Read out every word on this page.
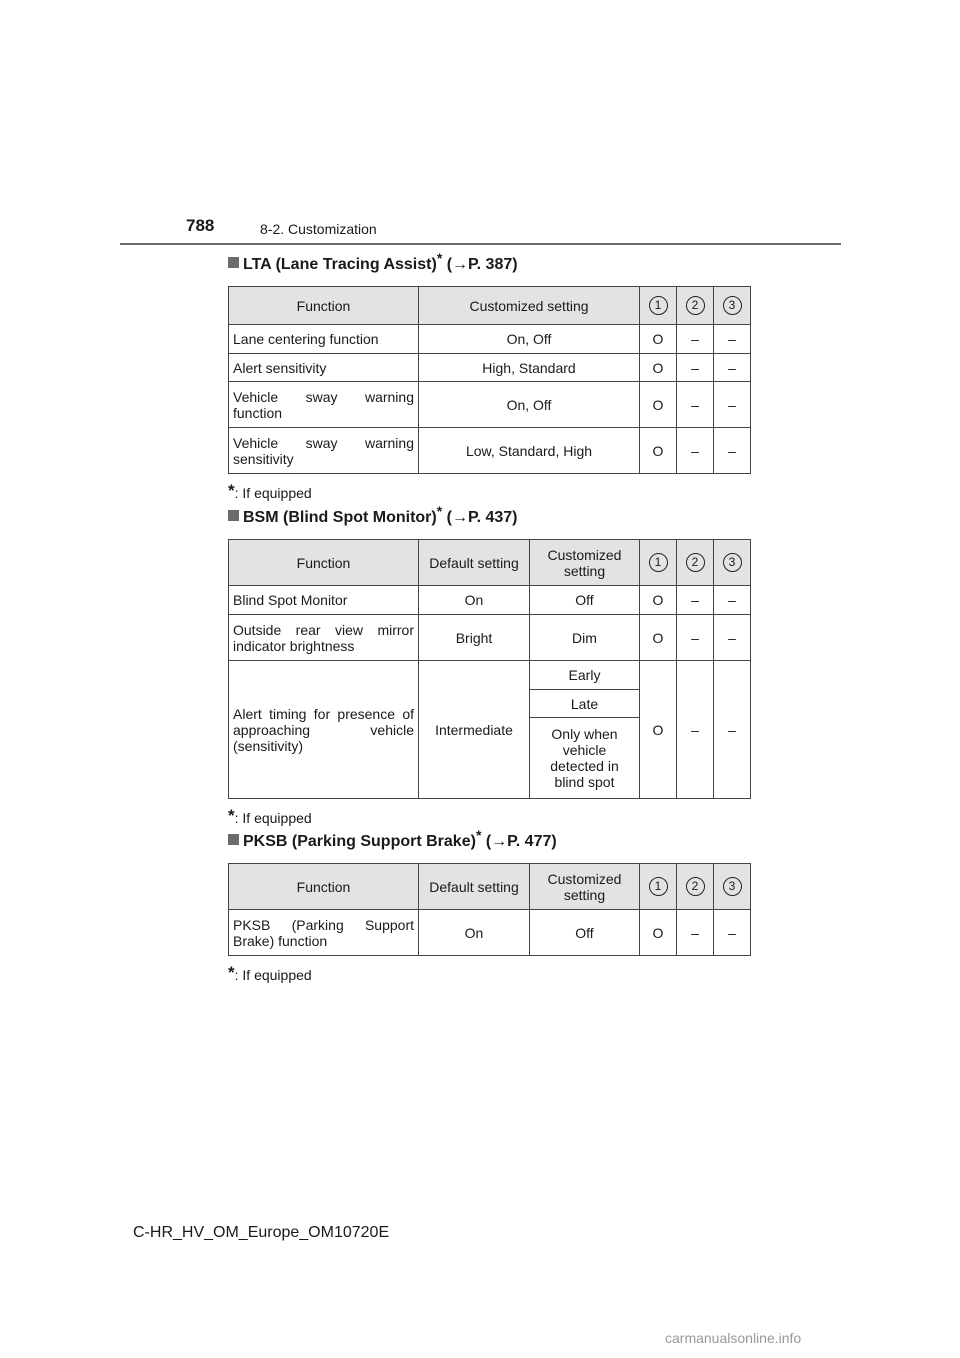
788	8-2. Customization
LTA (Lane Tracing Assist)* (→P. 387)
Function	Customized setting	1	2	3
Lane centering function	On, Off	O	–	–
Alert sensitivity	High, Standard	O	–	–
Vehicle sway warning function	On, Off	O	–	–
Vehicle sway warning sensitivity	Low, Standard, High	O	–	–
*: If equipped
BSM (Blind Spot Monitor)* (→P. 437)
Function	Default setting	Customized setting	1	2	3
Blind Spot Monitor	On	Off	O	–	–
Outside rear view mirror indicator brightness	Bright	Dim	O	–	–
Alert timing for presence of approaching vehicle (sensitivity)	Intermediate	Early	O	–	–
		Late			
		Only when vehicle detected in blind spot			
*: If equipped
PKSB (Parking Support Brake)* (→P. 477)
Function	Default setting	Customized setting	1	2	3
PKSB (Parking Support Brake) function	On	Off	O	–	–
*: If equipped
C-HR_HV_OM_Europe_OM10720E
carmanualsonline.info
